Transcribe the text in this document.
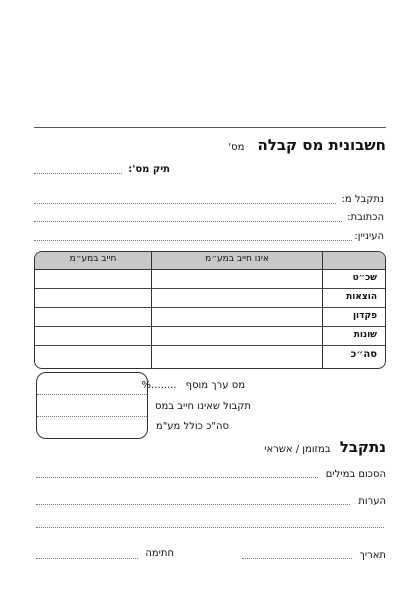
חשבונית מס קבלה מס'
תיק מס':
נתקבל מ:
הכתובת:
העיניין:
חייב במע״מ	אינו חייב במע״מ
שכ״ט
הוצאות
פקדון
שונות
סה״כ
מס ערך מוסף ........%
תקבול שאינו חייב במס
סה"כ כולל מע"מ
נתקבל במזומן / אשראי
הסכום במילים
הערות
תאריך
חתימה
